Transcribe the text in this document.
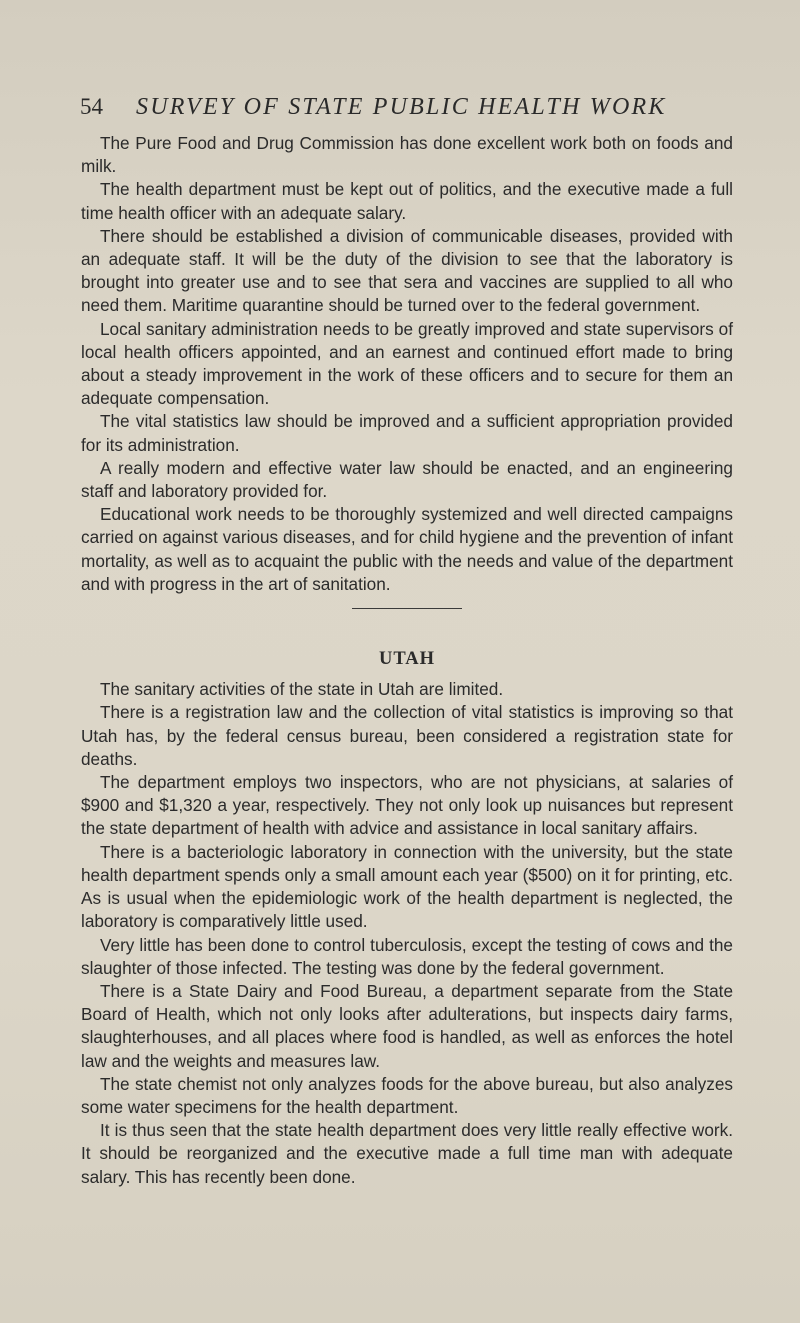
54 SURVEY OF STATE PUBLIC HEALTH WORK

The Pure Food and Drug Commission has done excellent work both on foods and milk.

The health department must be kept out of politics, and the executive made a full time health officer with an adequate salary.

There should be established a division of communicable diseases, provided with an adequate staff. It will be the duty of the division to see that the laboratory is brought into greater use and to see that sera and vaccines are supplied to all who need them. Maritime quarantine should be turned over to the federal government.

Local sanitary administration needs to be greatly improved and state supervisors of local health officers appointed, and an earnest and continued effort made to bring about a steady improvement in the work of these officers and to secure for them an adequate compensation.

The vital statistics law should be improved and a sufficient appropriation provided for its administration.

A really modern and effective water law should be enacted, and an engineering staff and laboratory provided for.

Educational work needs to be thoroughly systemized and well directed campaigns carried on against various diseases, and for child hygiene and the prevention of infant mortality, as well as to acquaint the public with the needs and value of the department and with progress in the art of sanitation.

UTAH

The sanitary activities of the state in Utah are limited.

There is a registration law and the collection of vital statistics is improving so that Utah has, by the federal census bureau, been considered a registration state for deaths.

The department employs two inspectors, who are not physicians, at salaries of $900 and $1,320 a year, respectively. They not only look up nuisances but represent the state department of health with advice and assistance in local sanitary affairs.

There is a bacteriologic laboratory in connection with the university, but the state health department spends only a small amount each year ($500) on it for printing, etc. As is usual when the epidemiologic work of the health department is neglected, the laboratory is comparatively little used.

Very little has been done to control tuberculosis, except the testing of cows and the slaughter of those infected. The testing was done by the federal government.

There is a State Dairy and Food Bureau, a department separate from the State Board of Health, which not only looks after adulterations, but inspects dairy farms, slaughterhouses, and all places where food is handled, as well as enforces the hotel law and the weights and measures law.

The state chemist not only analyzes foods for the above bureau, but also analyzes some water specimens for the health department.

It is thus seen that the state health department does very little really effective work. It should be reorganized and the executive made a full time man with adequate salary. This has recently been done.
